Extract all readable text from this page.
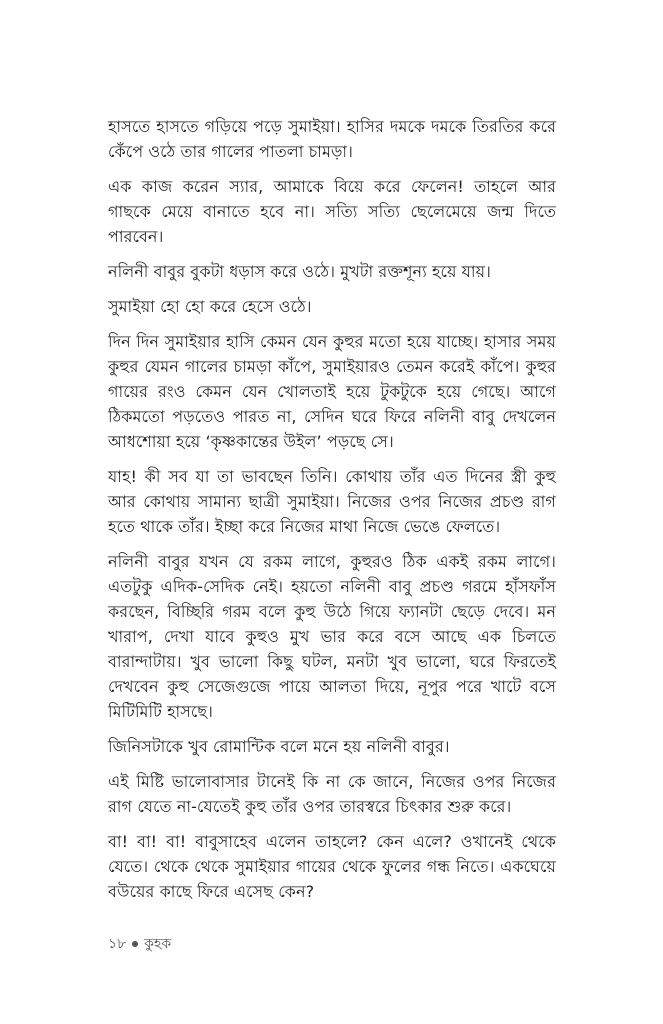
হাসতে হাসতে গড়িয়ে পড়ে সুমাইয়া। হাসির দমকে দমকে তিরতির করে কেঁপে ওঠে তার গালের পাতলা চামড়া।

এক কাজ করেন স্যার, আমাকে বিয়ে করে ফেলেন! তাহলে আর গাছকে মেয়ে বানাতে হবে না। সত্যি সত্যি ছেলেমেয়ে জন্ম দিতে পারবেন।

নলিনী বাবুর বুকটা ধড়াস করে ওঠে। মুখটা রক্তশূন্য হয়ে যায়।

সুমাইয়া হো হো করে হেসে ওঠে।

দিন দিন সুমাইয়ার হাসি কেমন যেন কুহুর মতো হয়ে যাচ্ছে। হাসার সময় কুহুর যেমন গালের চামড়া কাঁপে, সুমাইয়ারও তেমন করেই কাঁপে। কুহুর গায়ের রংও কেমন যেন খোলতাই হয়ে টুকটুকে হয়ে গেছে। আগে ঠিকমতো পড়তেও পারত না, সেদিন ঘরে ফিরে নলিনী বাবু দেখলেন আধশোয়া হয়ে ‘কৃষ্ণকান্তের উইল’ পড়ছে সে।

যাহ! কী সব যা তা ভাবছেন তিনি। কোথায় তাঁর এত দিনের স্ত্রী কুহু আর কোথায় সামান্য ছাত্রী সুমাইয়া। নিজের ওপর নিজের প্রচণ্ড রাগ হতে থাকে তাঁর। ইচ্ছা করে নিজের মাথা নিজে ভেঙে ফেলতে।

নলিনী বাবুর যখন যে রকম লাগে, কুহুরও ঠিক একই রকম লাগে। এতটুকু এদিক-সেদিক নেই। হয়তো নলিনী বাবু প্রচণ্ড গরমে হাঁসফাঁস করছেন, বিচ্ছিরি গরম বলে কুহু উঠে গিয়ে ফ্যানটা ছেড়ে দেবে। মন খারাপ, দেখা যাবে কুহুও মুখ ভার করে বসে আছে এক চিলতে বারান্দাটায়। খুব ভালো কিছু ঘটল, মনটা খুব ভালো, ঘরে ফিরতেই দেখবেন কুহু সেজেগুজে পায়ে আলতা দিয়ে, নূপুর পরে খাটে বসে মিটিমিটি হাসছে।

জিনিসটাকে খুব রোমান্টিক বলে মনে হয় নলিনী বাবুর।

এই মিষ্টি ভালোবাসার টানেই কি না কে জানে, নিজের ওপর নিজের রাগ যেতে না-যেতেই কুহু তাঁর ওপর তারস্বরে চিৎকার শুরু করে।

বা! বা! বা! বাবুসাহেব এলেন তাহলে? কেন এলে? ওখানেই থেকে যেতে। থেকে থেকে সুমাইয়ার গায়ের থেকে ফুলের গন্ধ নিতে। একঘেয়ে বউয়ের কাছে ফিরে এসেছ কেন?

১৮ কুহক
